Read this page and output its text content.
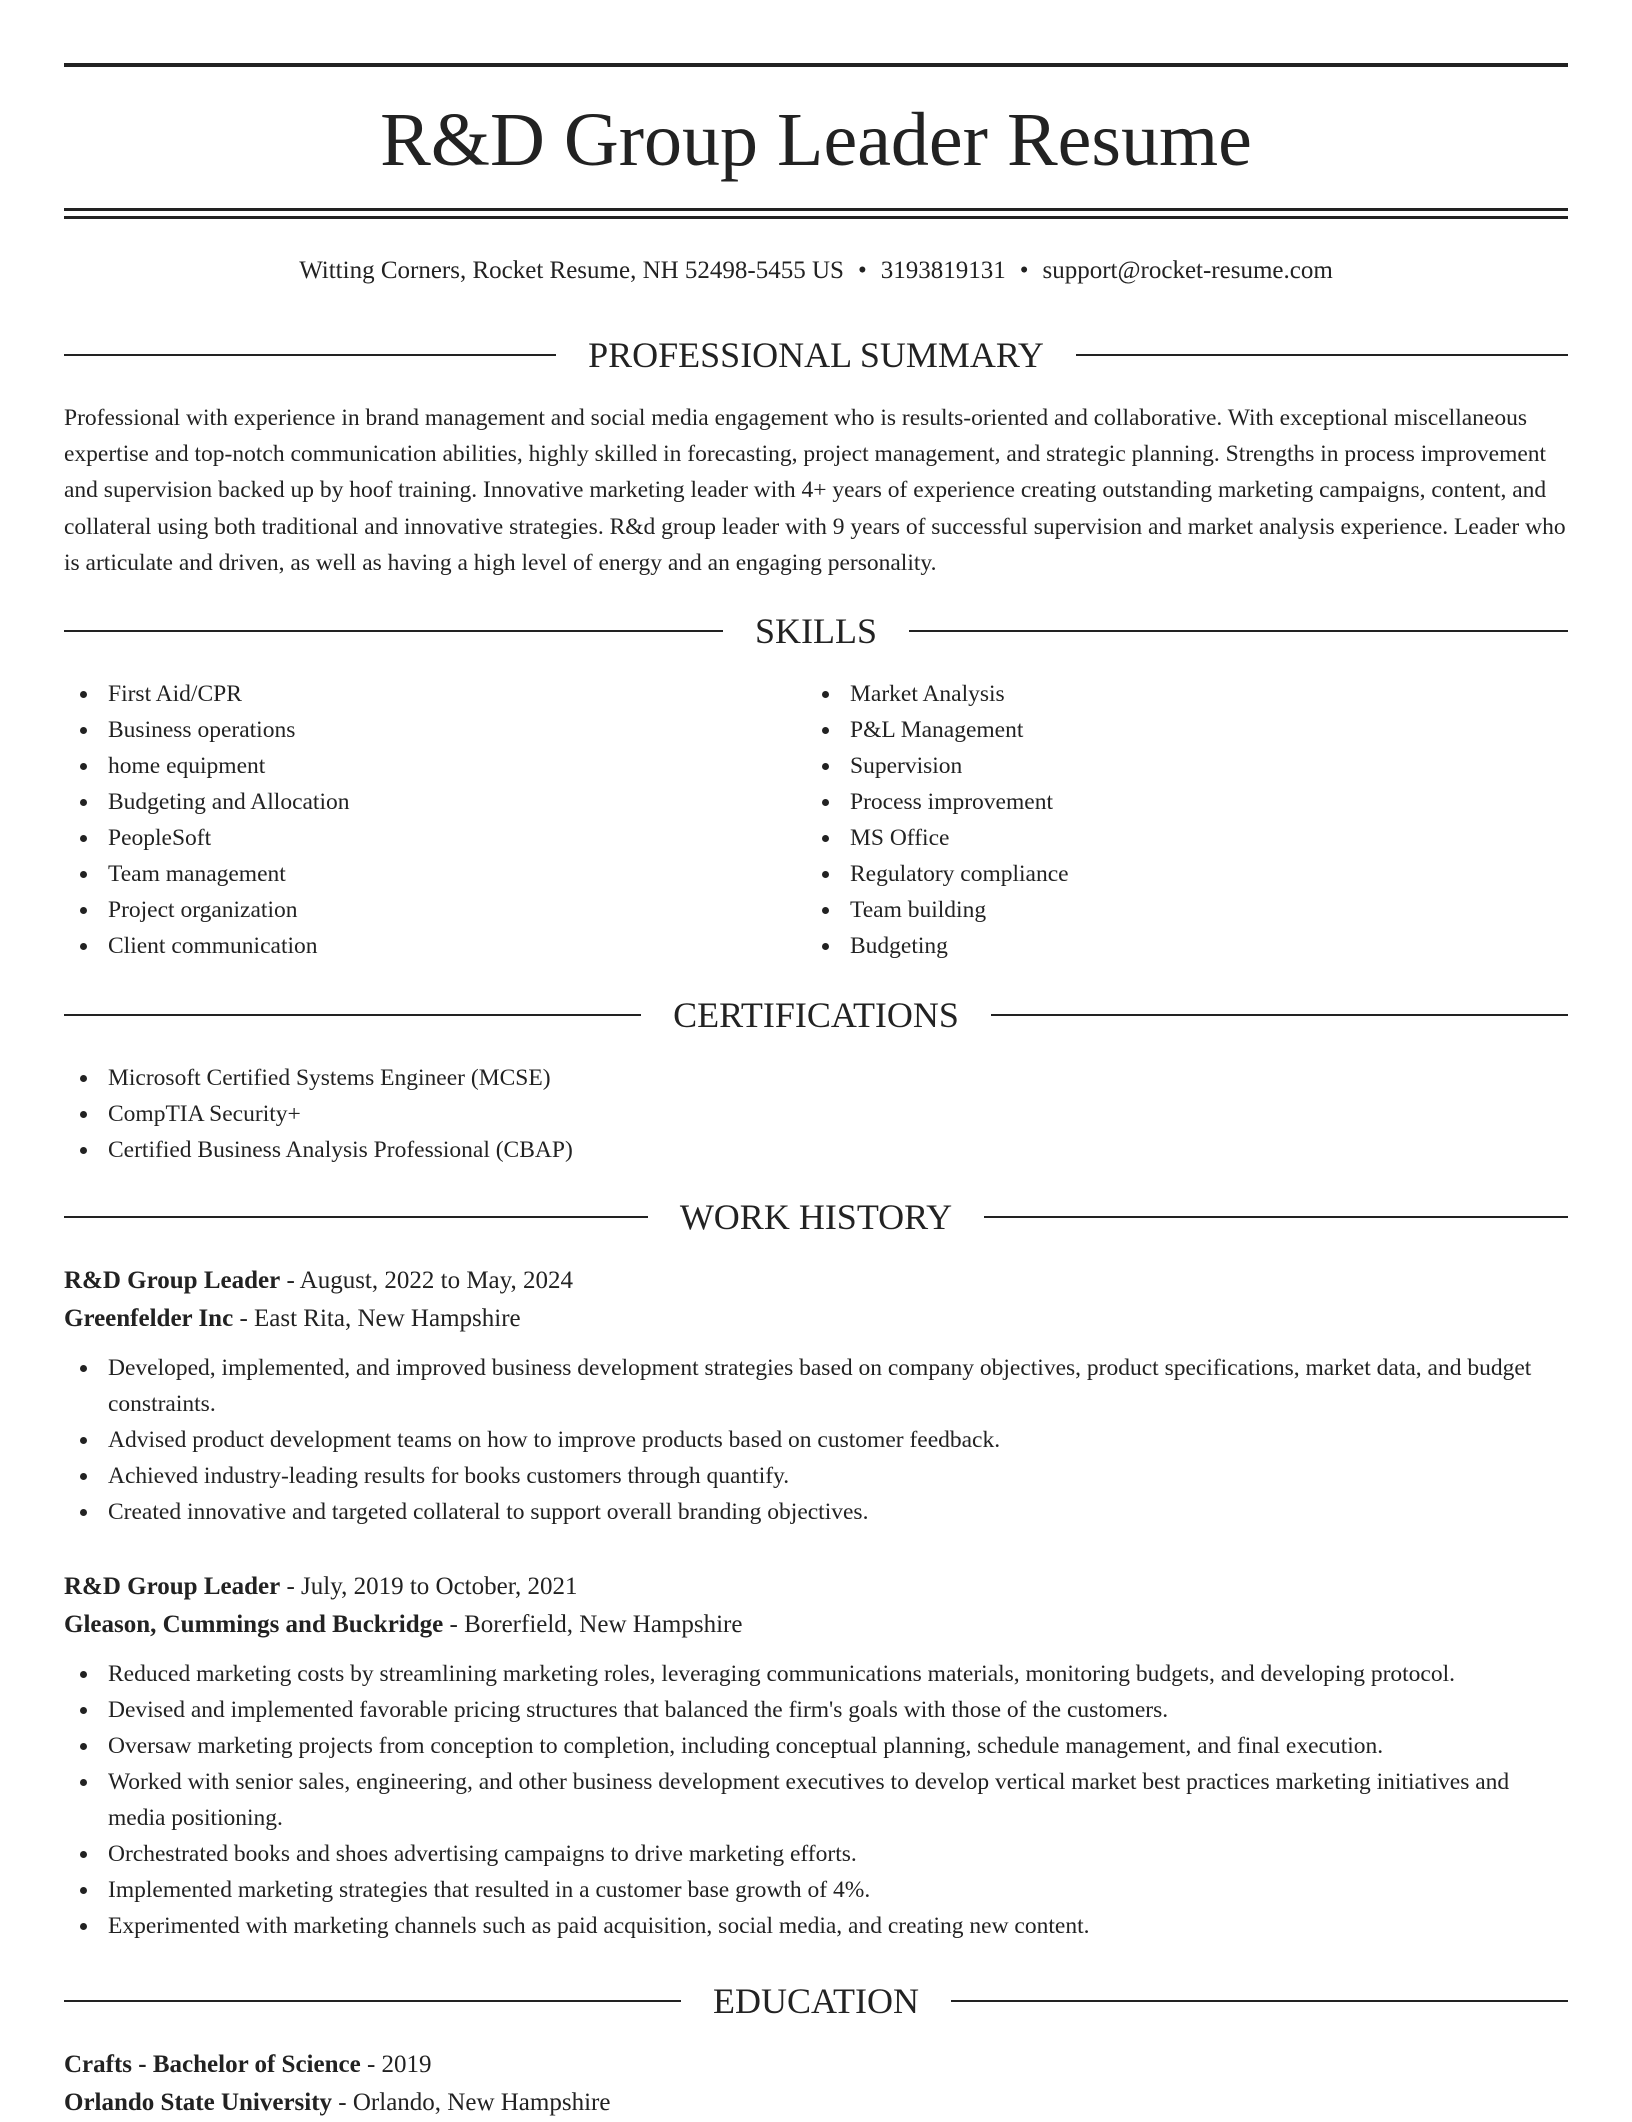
R&D Group Leader Resume
Witting Corners, Rocket Resume, NH 52498-5455 US • 3193819131 • support@rocket-resume.com
PROFESSIONAL SUMMARY

Professional with experience in brand management and social media engagement who is results-oriented and collaborative. With exceptional miscellaneous expertise and top-notch communication abilities, highly skilled in forecasting, project management, and strategic planning. Strengths in process improvement and supervision backed up by hoof training. Innovative marketing leader with 4+ years of experience creating outstanding marketing campaigns, content, and collateral using both traditional and innovative strategies. R&d group leader with 9 years of successful supervision and market analysis experience. Leader who is articulate and driven, as well as having a high level of energy and an engaging personality.

SKILLS
First Aid/CPR
Business operations
home equipment
Budgeting and Allocation
PeopleSoft
Team management
Project organization
Client communication
Market Analysis
P&L Management
Supervision
Process improvement
MS Office
Regulatory compliance
Team building
Budgeting
CERTIFICATIONS
Microsoft Certified Systems Engineer (MCSE)
CompTIA Security+
Certified Business Analysis Professional (CBAP)
WORK HISTORY

R&D Group Leader - August, 2022 to May, 2024

Greenfelder Inc - East Rita, New Hampshire

Developed, implemented, and improved business development strategies based on company objectives, product specifications, market data, and budget constraints.
Advised product development teams on how to improve products based on customer feedback.
Achieved industry-leading results for books customers through quantify.
Created innovative and targeted collateral to support overall branding objectives.

R&D Group Leader - July, 2019 to October, 2021

Gleason, Cummings and Buckridge - Borerfield, New Hampshire

Reduced marketing costs by streamlining marketing roles, leveraging communications materials, monitoring budgets, and developing protocol.
Devised and implemented favorable pricing structures that balanced the firm's goals with those of the customers.
Oversaw marketing projects from conception to completion, including conceptual planning, schedule management, and final execution.
Worked with senior sales, engineering, and other business development executives to develop vertical market best practices marketing initiatives and media positioning.
Orchestrated books and shoes advertising campaigns to drive marketing efforts.
Implemented marketing strategies that resulted in a customer base growth of 4%.
Experimented with marketing channels such as paid acquisition, social media, and creating new content.
EDUCATION

Crafts - Bachelor of Science - 2019

Orlando State University - Orlando, New Hampshire
